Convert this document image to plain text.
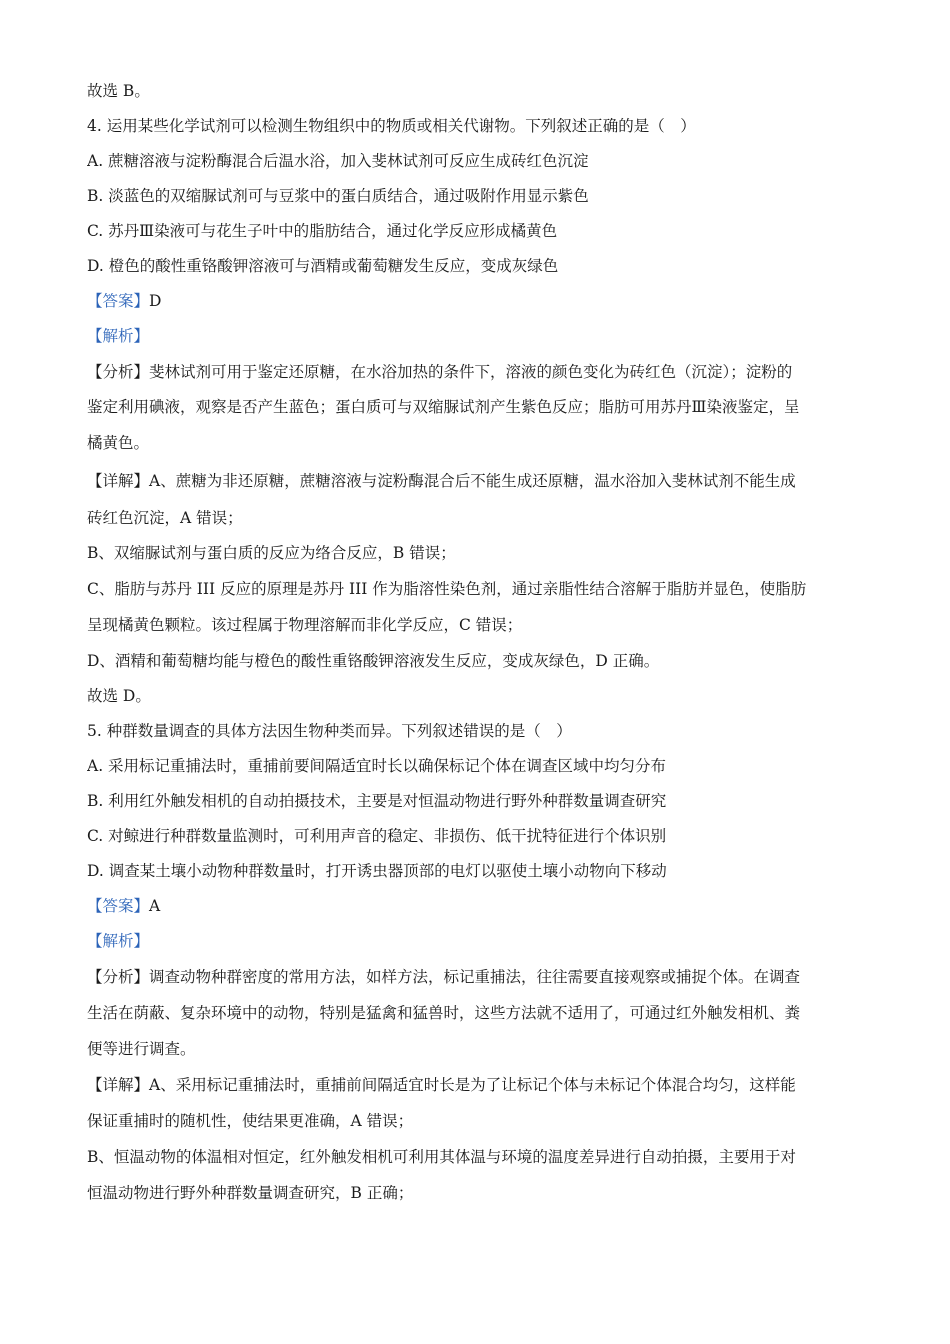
故选 B。
4. 运用某些化学试剂可以检测生物组织中的物质或相关代谢物。下列叙述正确的是（　）
A. 蔗糖溶液与淀粉酶混合后温水浴，加入斐林试剂可反应生成砖红色沉淀
B. 淡蓝色的双缩脲试剂可与豆浆中的蛋白质结合，通过吸附作用显示紫色
C. 苏丹Ⅲ染液可与花生子叶中的脂肪结合，通过化学反应形成橘黄色
D. 橙色的酸性重铬酸钾溶液可与酒精或葡萄糖发生反应，变成灰绿色
【答案】D
【解析】
【分析】斐林试剂可用于鉴定还原糖，在水浴加热的条件下，溶液的颜色变化为砖红色（沉淀）；淀粉的
鉴定利用碘液，观察是否产生蓝色；蛋白质可与双缩脲试剂产生紫色反应；脂肪可用苏丹Ⅲ染液鉴定，呈
橘黄色。
【详解】A、蔗糖为非还原糖，蔗糖溶液与淀粉酶混合后不能生成还原糖，温水浴加入斐林试剂不能生成
砖红色沉淀，A 错误；
B、双缩脲试剂与蛋白质的反应为络合反应，B 错误；
C、脂肪与苏丹 III 反应的原理是苏丹 III 作为脂溶性染色剂，通过亲脂性结合溶解于脂肪并显色，使脂肪
呈现橘黄色颗粒。该过程属于物理溶解而非化学反应，C 错误；
D、酒精和葡萄糖均能与橙色的酸性重铬酸钾溶液发生反应，变成灰绿色，D 正确。
故选 D。
5. 种群数量调查的具体方法因生物种类而异。下列叙述错误的是（　）
A. 采用标记重捕法时，重捕前要间隔适宜时长以确保标记个体在调查区域中均匀分布
B. 利用红外触发相机的自动拍摄技术，主要是对恒温动物进行野外种群数量调查研究
C. 对鲸进行种群数量监测时，可利用声音的稳定、非损伤、低干扰特征进行个体识别
D. 调查某土壤小动物种群数量时，打开诱虫器顶部的电灯以驱使土壤小动物向下移动
【答案】A
【解析】
【分析】调查动物种群密度的常用方法，如样方法，标记重捕法，往往需要直接观察或捕捉个体。在调查
生活在荫蔽、复杂环境中的动物，特别是猛禽和猛兽时，这些方法就不适用了，可通过红外触发相机、粪
便等进行调查。
【详解】A、采用标记重捕法时，重捕前间隔适宜时长是为了让标记个体与未标记个体混合均匀，这样能
保证重捕时的随机性，使结果更准确，A 错误；
B、恒温动物的体温相对恒定，红外触发相机可利用其体温与环境的温度差异进行自动拍摄，主要用于对
恒温动物进行野外种群数量调查研究，B 正确；
